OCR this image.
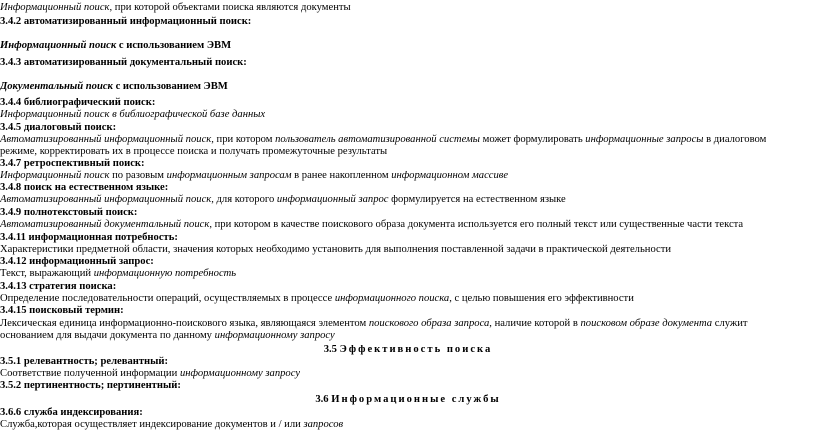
Информационный поиск, при которой объектами поиска являются документы
3.4.2 автоматизированный информационный поиск:
Информационный поиск с использованием ЭВМ
3.4.3 автоматизированный документальный поиск:
Документальный поиск с использованием ЭВМ
3.4.4 библиографический поиск:
Информационный поиск в библиографической базе данных
3.4.5 диалоговый поиск:
Автоматизированный информационный поиск, при котором пользователь автоматизированной системы может формулировать информационные запросы в диалоговом
режиме, корректировать их в процессе поиска и получать промежуточные результаты
3.4.7 ретроспективный поиск:
Информационный поиск по разовым информационным запросам в ранее накопленном информационном массиве
3.4.8 поиск на естественном языке:
Автоматизированный информационный поиск, для которого информационный запрос формулируется на естественном языке
3.4.9 полнотекстовый поиск:
Автоматизированный документальный поиск, при котором в качестве поискового образа документа используется его полный текст или существенные части текста
3.4.11 информационная потребность:
Характеристики предметной области, значения которых необходимо установить для выполнения поставленной задачи в практической деятельности
3.4.12 информационный запрос:
Текст, выражающий информационную потребность
3.4.13 стратегия поиска:
Определение последовательности операций, осуществляемых в процессе информационного поиска, с целью повышения его эффективности
3.4.15 поисковый термин:
Лексическая единица информационно-поискового языка, являющаяся элементом поискового образа запроса, наличие которой в поисковом образе документа служит
основанием для выдачи документа по данному информационному запросу
3.5 Эффективность поиска
3.5.1 релевантность; релевантный:
Соответствие полученной информации информационному запросу
3.5.2 пертинентность; пертинентный:
3.6 Информационные службы
3.6.6 служба индексирования:
Служба,которая осуществляет индексирование документов и / или запросов
